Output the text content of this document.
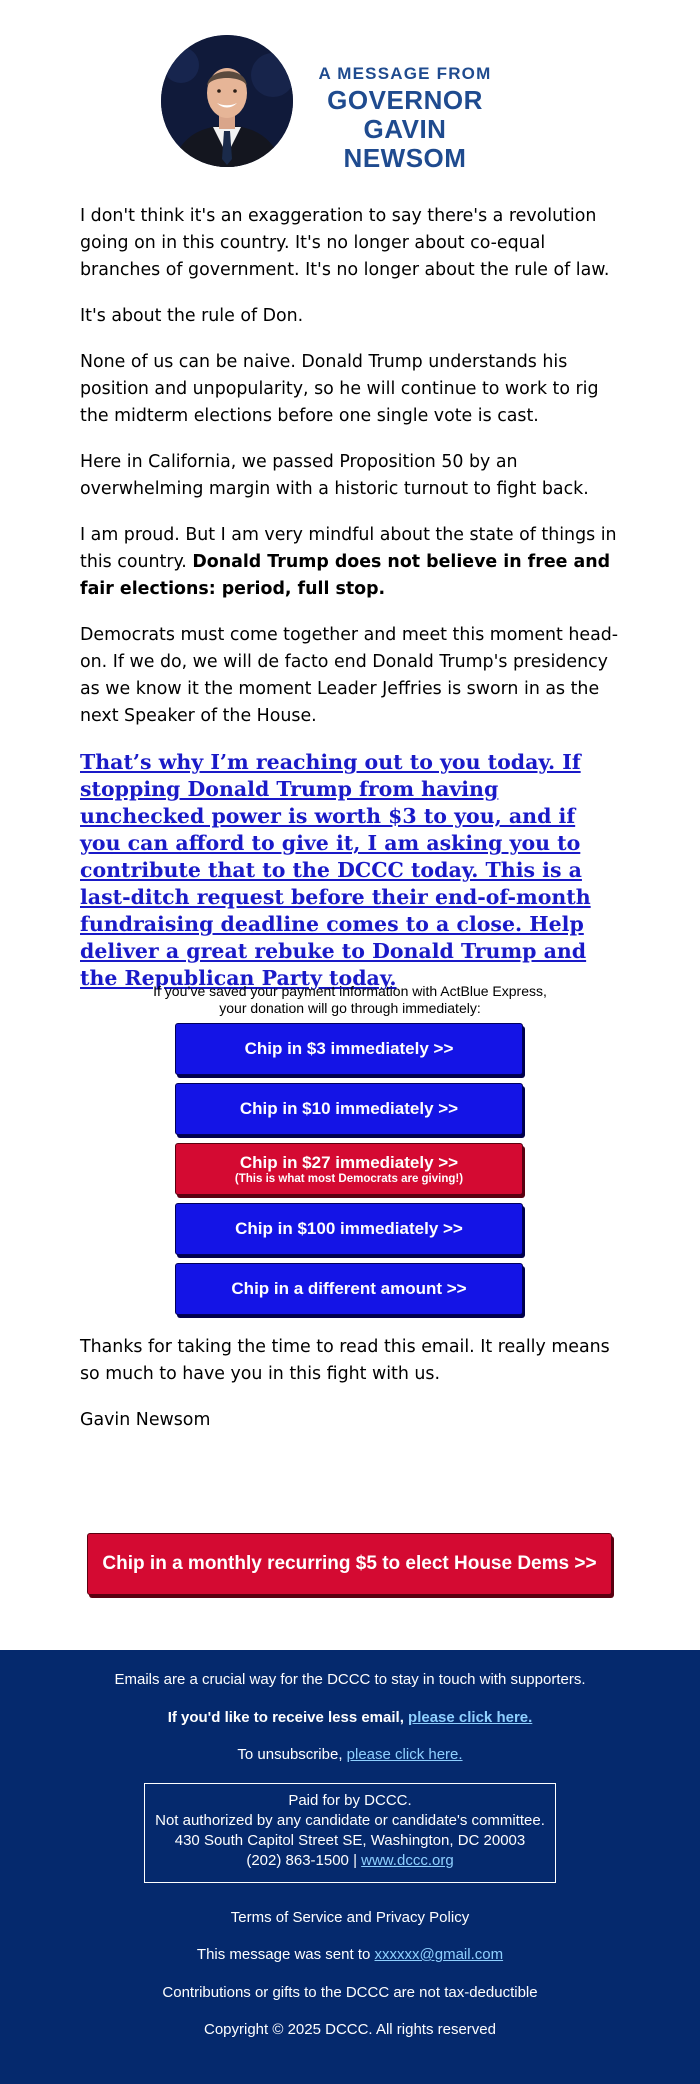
A MESSAGE FROM
GOVERNOR
GAVIN NEWSOM

I don't think it's an exaggeration to say there's a revolution going on in this country. It's no longer about co-equal branches of government. It's no longer about the rule of law.

It's about the rule of Don.

None of us can be naive. Donald Trump understands his position and unpopularity, so he will continue to work to rig the midterm elections before one single vote is cast.

Here in California, we passed Proposition 50 by an overwhelming margin with a historic turnout to fight back.

I am proud. But I am very mindful about the state of things in this country. Donald Trump does not believe in free and fair elections: period, full stop.

Democrats must come together and meet this moment head-on. If we do, we will de facto end Donald Trump's presidency as we know it the moment Leader Jeffries is sworn in as the next Speaker of the House.

That’s why I’m reaching out to you today. If stopping Donald Trump from having unchecked power is worth $3 to you, and if you can afford to give it, I am asking you to contribute that to the DCCC today. This is a last-ditch request before their end-of-month fundraising deadline comes to a close. Help deliver a great rebuke to Donald Trump and the Republican Party today.

If you’ve saved your payment information with ActBlue Express,
your donation will go through immediately:
Chip in $3 immediately >>
Chip in $10 immediately >>
Chip in $27 immediately >>
(This is what most Democrats are giving!)
Chip in $100 immediately >>
Chip in a different amount >>

Thanks for taking the time to read this email. It really means so much to have you in this fight with us.

Gavin Newsom

Chip in a monthly recurring $5 to elect House Dems >>
Emails are a crucial way for the DCCC to stay in touch with supporters.
If you'd like to receive less email, please click here.
To unsubscribe, please click here.
Paid for by DCCC.
Not authorized by any candidate or candidate's committee.
430 South Capitol Street SE, Washington, DC 20003
(202) 863-1500 | www.dccc.org
Terms of Service and Privacy Policy
This message was sent to xxxxxx@gmail.com
Contributions or gifts to the DCCC are not tax-deductible
Copyright © 2025 DCCC. All rights reserved
